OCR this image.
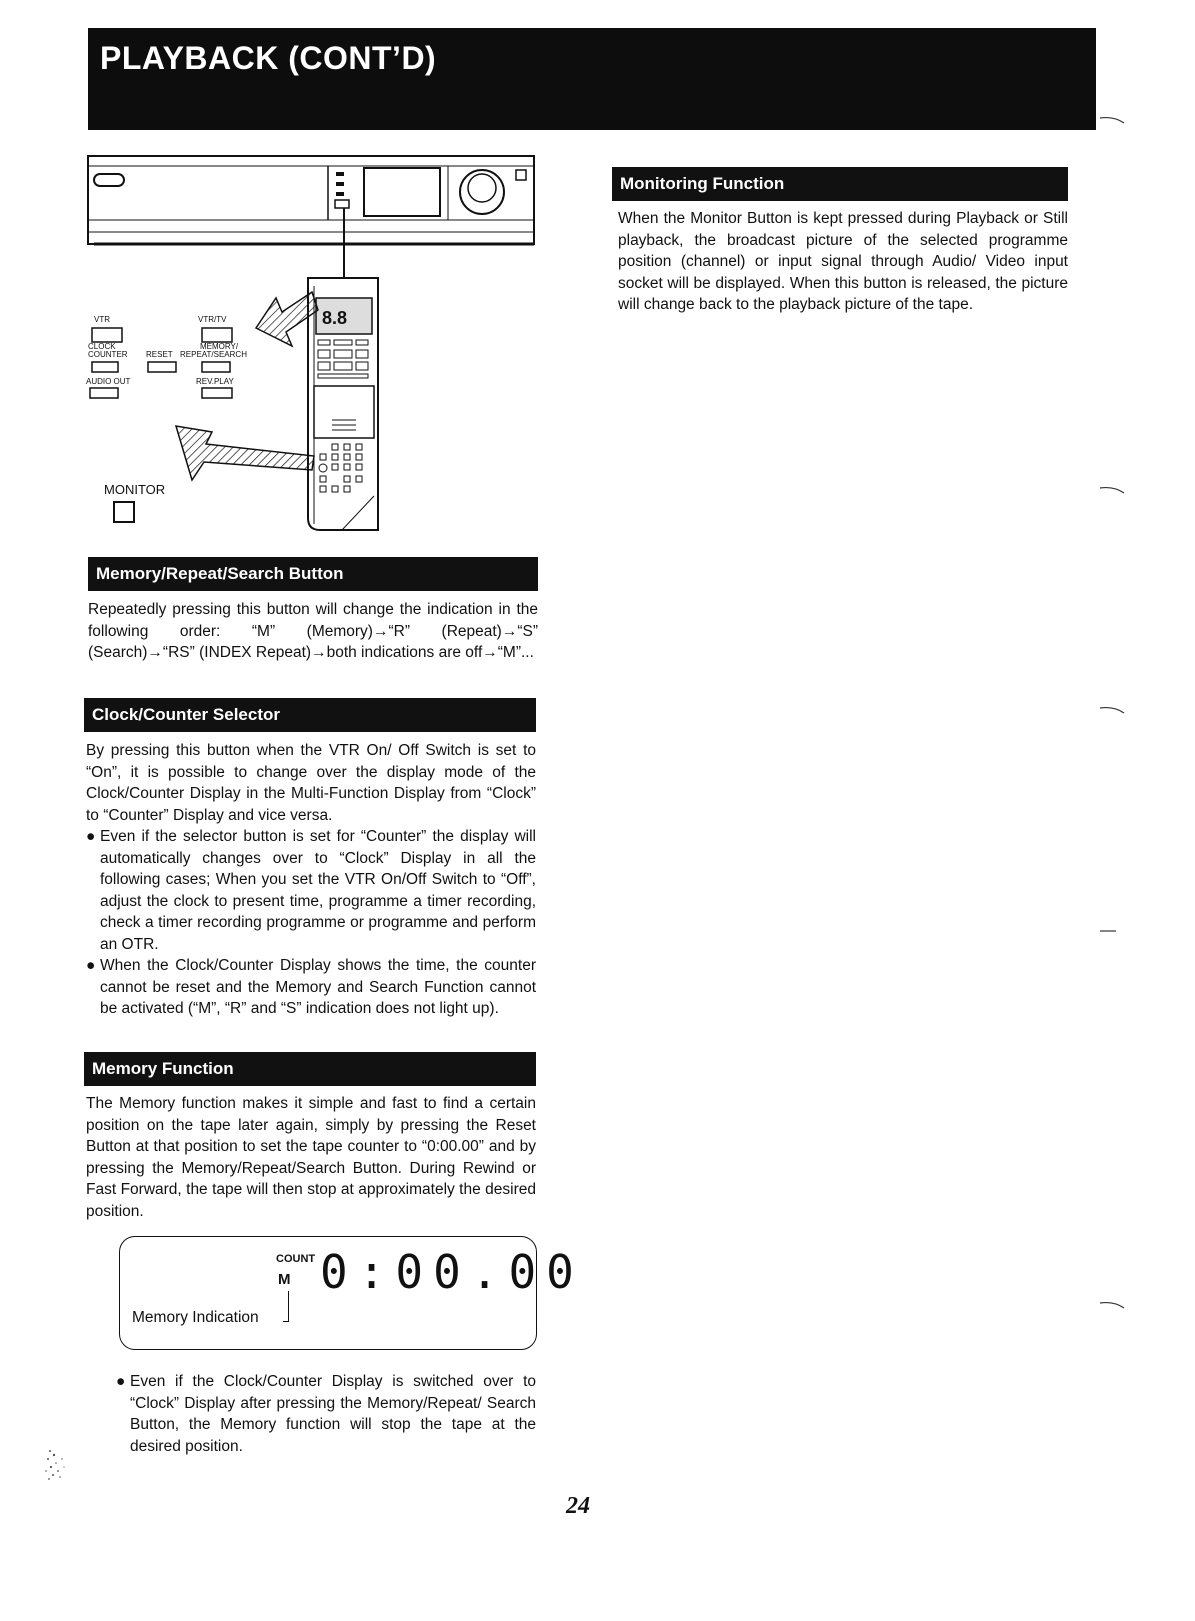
PLAYBACK (CONT’D)
8.8
VTR	VTR/TV
CLOCK
COUNTER RESET
MEMORY/
REPEAT/SEARCH
AUDIO OUT	REV.PLAY
MONITOR
Memory/Repeat/Search Button

Repeatedly pressing this button will change the indication in the following order: “M” (Memory)→“R” (Repeat)→“S” (Search)→“RS” (INDEX Repeat)→both indications are off→“M”...

Clock/Counter Selector

By pressing this button when the VTR On/ Off Switch is set to “On”, it is possible to change over the display mode of the Clock/Counter Display in the Multi-Function Display from “Clock” to “Counter” Display and vice versa.

● Even if the selector button is set for “Counter” the display will automatically changes over to “Clock” Display in all the following cases; When you set the VTR On/Off Switch to “Off”, adjust the clock to present time, programme a timer recording, check a timer recording programme or programme and perform an OTR.

● When the Clock/Counter Display shows the time, the counter cannot be reset and the Memory and Search Function cannot be activated (“M”, “R” and “S” indication does not light up).

Memory Function

The Memory function makes it simple and fast to find a certain position on the tape later again, simply by pressing the Reset Button at that position to set the tape counter to “0:00.00” and by pressing the Memory/Repeat/Search Button. During Rewind or Fast Forward, the tape will then stop at approximately the desired position.

COUNT
M 0:00.00
Memory Indication

● Even if the Clock/Counter Display is switched over to “Clock” Display after pressing the Memory/Repeat/ Search Button, the Memory function will stop the tape at the desired position.

Monitoring Function

When the Monitor Button is kept pressed during Playback or Still playback, the broadcast picture of the selected programme position (channel) or input signal through Audio/ Video input socket will be displayed. When this button is released, the picture will change back to the playback picture of the tape.

24
